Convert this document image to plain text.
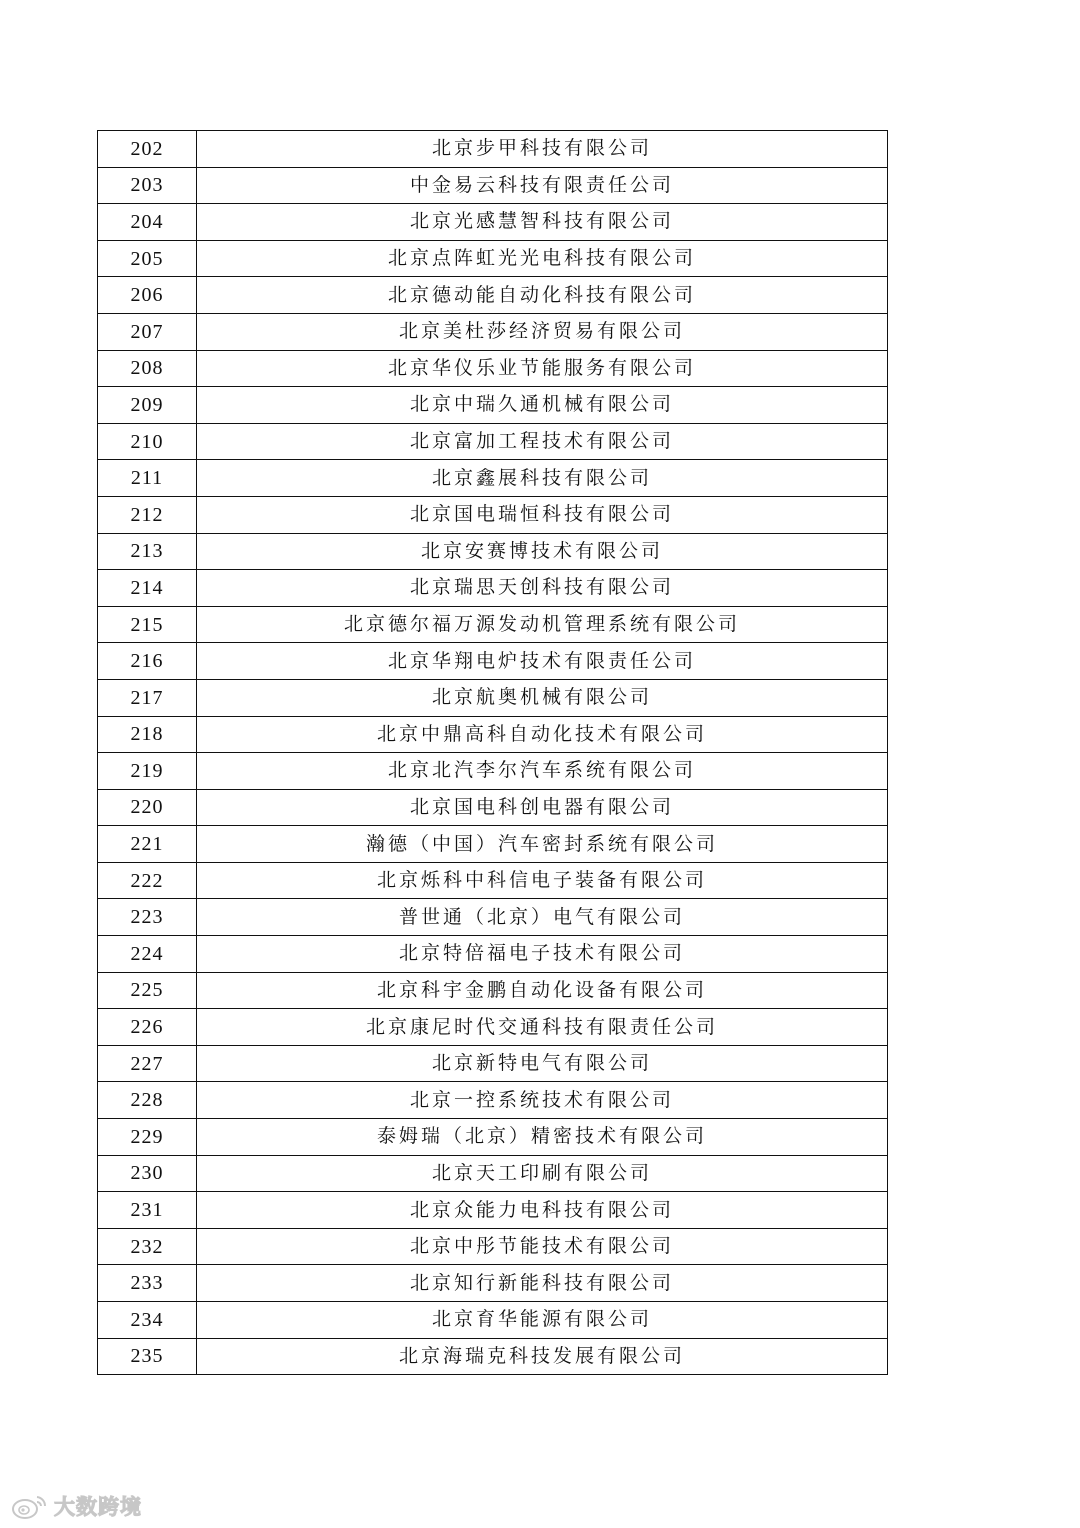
202	北京步甲科技有限公司
203	中金易云科技有限责任公司
204	北京光感慧智科技有限公司
205	北京点阵虹光光电科技有限公司
206	北京德动能自动化科技有限公司
207	北京美杜莎经济贸易有限公司
208	北京华仪乐业节能服务有限公司
209	北京中瑞久通机械有限公司
210	北京富加工程技术有限公司
211	北京鑫展科技有限公司
212	北京国电瑞恒科技有限公司
213	北京安赛博技术有限公司
214	北京瑞思天创科技有限公司
215	北京德尔福万源发动机管理系统有限公司
216	北京华翔电炉技术有限责任公司
217	北京航奥机械有限公司
218	北京中鼎高科自动化技术有限公司
219	北京北汽李尔汽车系统有限公司
220	北京国电科创电器有限公司
221	瀚德（中国）汽车密封系统有限公司
222	北京烁科中科信电子装备有限公司
223	普世通（北京）电气有限公司
224	北京特倍福电子技术有限公司
225	北京科宇金鹏自动化设备有限公司
226	北京康尼时代交通科技有限责任公司
227	北京新特电气有限公司
228	北京一控系统技术有限公司
229	泰姆瑞（北京）精密技术有限公司
230	北京天工印刷有限公司
231	北京众能力电科技有限公司
232	北京中彤节能技术有限公司
233	北京知行新能科技有限公司
234	北京育华能源有限公司
235	北京海瑞克科技发展有限公司
大数跨境
